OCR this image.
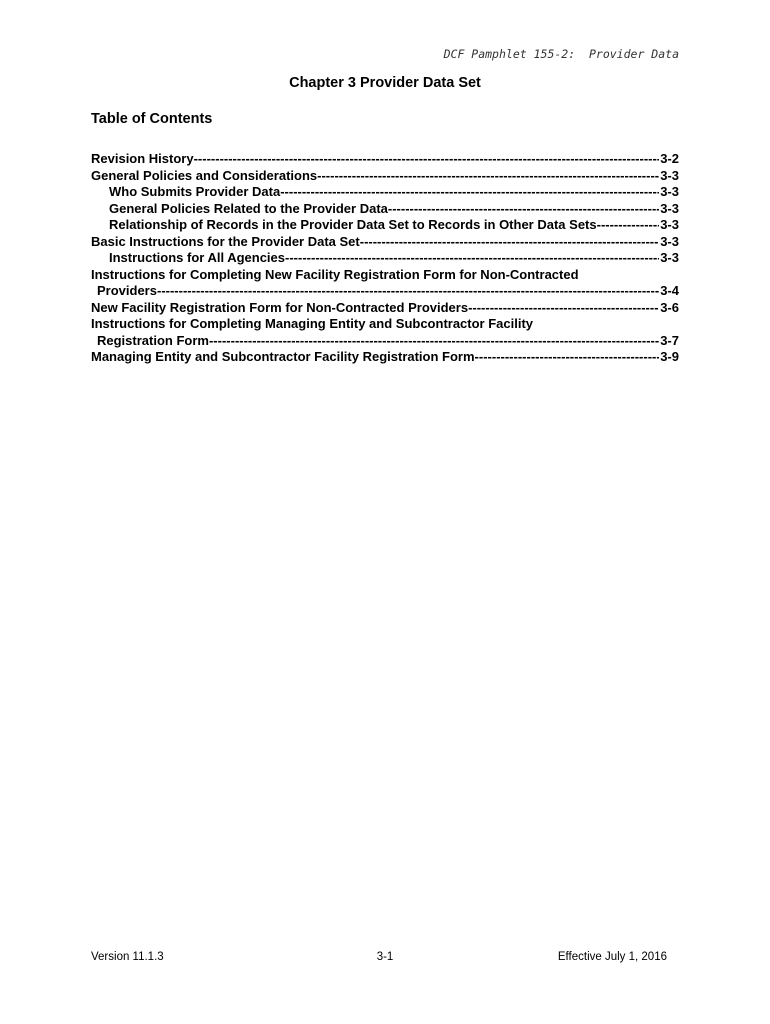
DCF Pamphlet 155-2:  Provider Data
Chapter 3 Provider Data Set
Table of Contents
Revision History -----	3-2
General Policies and Considerations -----	3-3
Who Submits Provider Data -----	3-3
General Policies Related to the Provider Data -----	3-3
Relationship of Records in the Provider Data Set to Records in Other Data Sets -----	3-3
Basic Instructions for the Provider Data Set -----	3-3
Instructions for All Agencies -----	3-3
Instructions for Completing New Facility Registration Form for Non-Contracted
Providers -----	3-4
New Facility Registration Form for Non-Contracted Providers -----	3-6
Instructions for Completing Managing Entity and Subcontractor Facility
Registration Form -----	3-7
Managing Entity and Subcontractor Facility Registration Form -----	3-9
Version 11.1.3	3-1	Effective July 1, 2016
